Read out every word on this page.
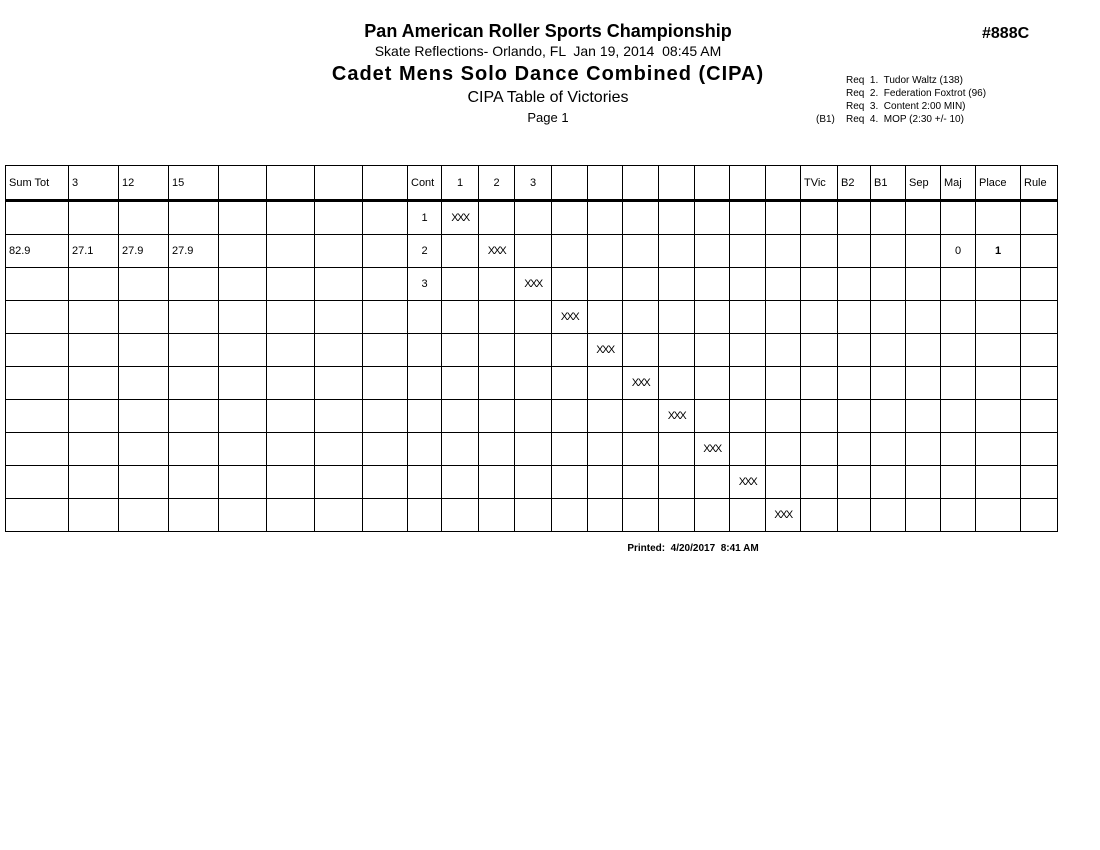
Pan American Roller Sports Championship
Skate Reflections- Orlando, FL  Jan 19, 2014  08:45 AM
Cadet Mens Solo Dance Combined (CIPA)
CIPA Table of Victories
Page 1
#888C
Req  1.  Tudor Waltz (138)
Req  2.  Federation Foxtrot (96)
Req  3.  Content 2:00 MIN)
(B1)	Req  4.  MOP (2:30 +/- 10)
Sum Tot	3	12	15					Cont	1	2	3								TVic	B2	B1	Sep	Maj	Place	Rule
								1	XXX																
82.9	27.1	27.9	27.9					2		XXX													0	1	
								3			XXX														
												XXX													
													XXX												
														XXX											
															XXX										
																XXX									
																	XXX								
																		XXX							
Printed:  4/20/2017  8:41 AM
